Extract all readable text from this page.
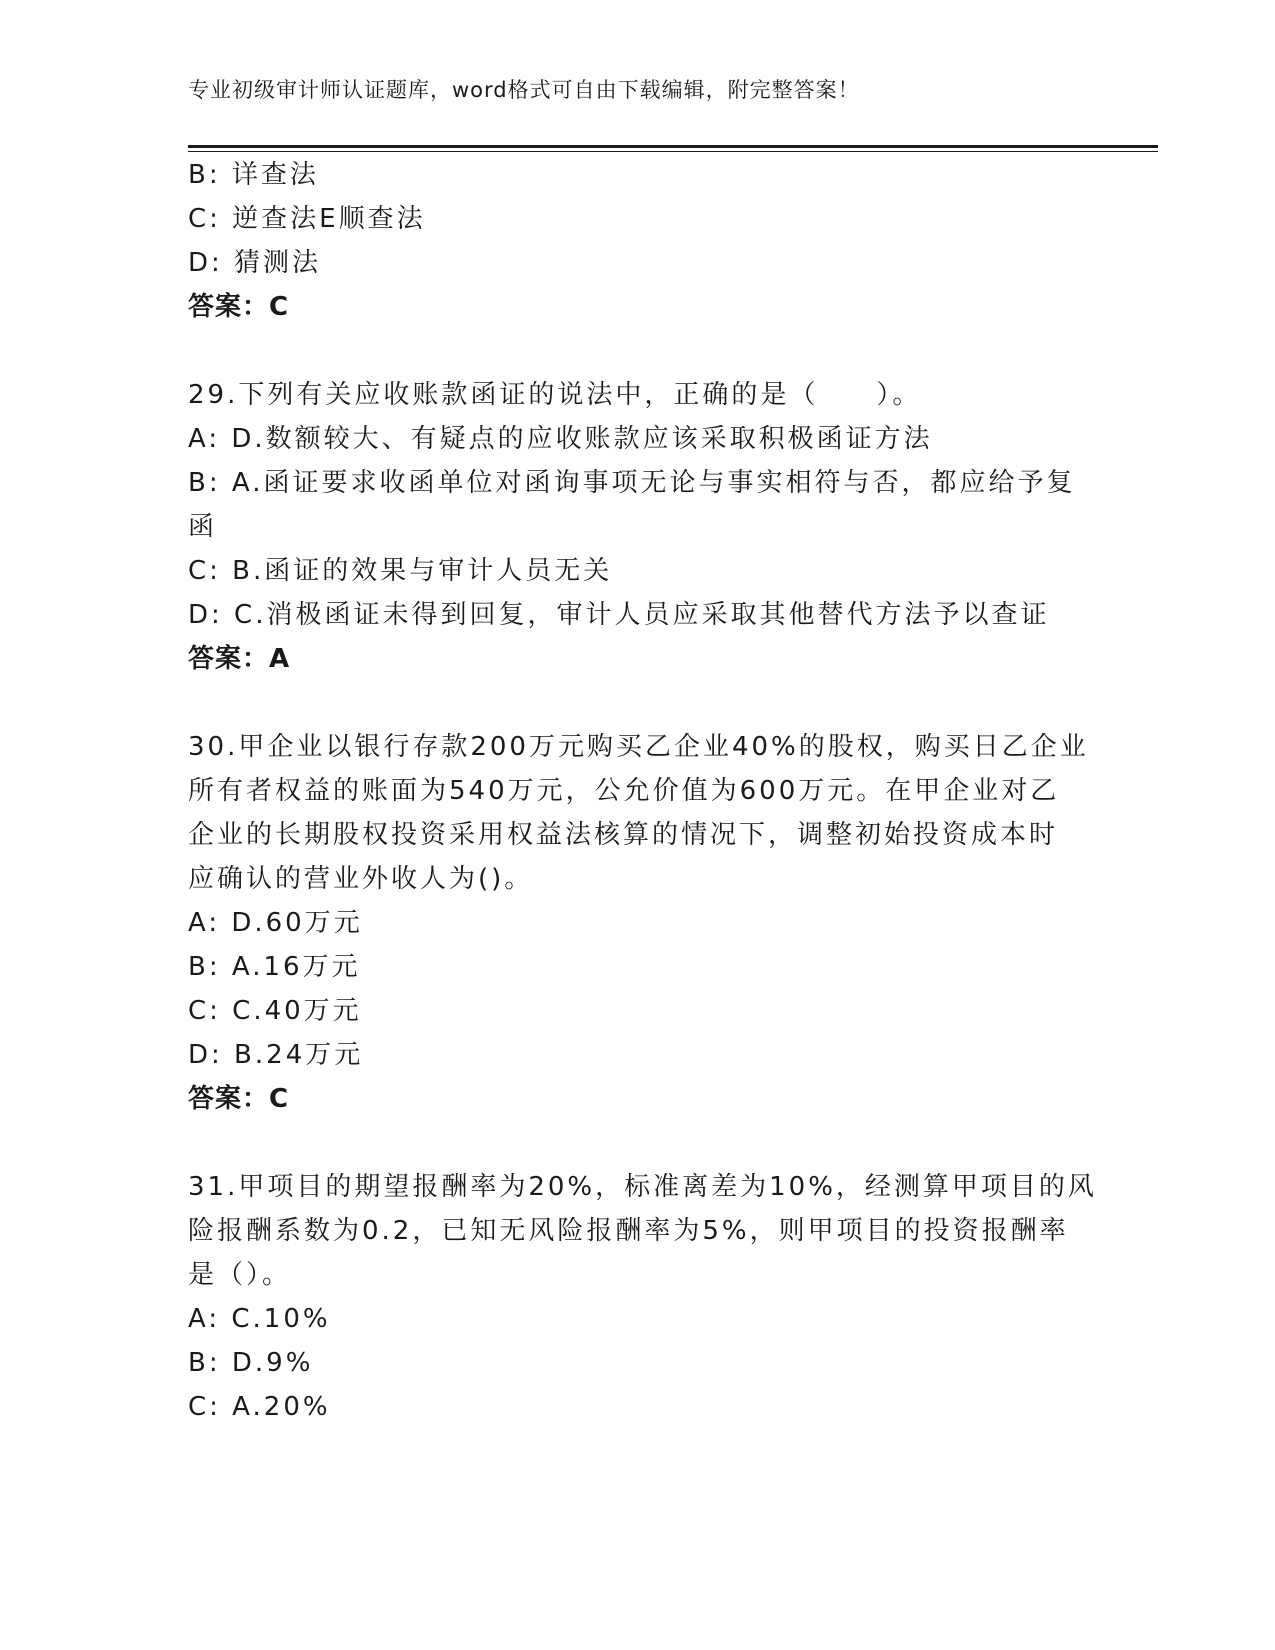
专业初级审计师认证题库，word格式可自由下载编辑，附完整答案！
B: 详查法
C: 逆查法E顺查法
D: 猜测法
答案：C
29.下列有关应收账款函证的说法中，正确的是（　　）。
A: D.数额较大、有疑点的应收账款应该采取积极函证方法
B: A.函证要求收函单位对函询事项无论与事实相符与否，都应给予复
函
C: B.函证的效果与审计人员无关
D: C.消极函证未得到回复，审计人员应采取其他替代方法予以查证
答案：A
30.甲企业以银行存款200万元购买乙企业40%的股权，购买日乙企业
所有者权益的账面为540万元，公允价值为600万元。在甲企业对乙
企业的长期股权投资采用权益法核算的情况下，调整初始投资成本时
应确认的营业外收人为()。
A: D.60万元
B: A.16万元
C: C.40万元
D: B.24万元
答案：C
31.甲项目的期望报酬率为20%，标准离差为10%，经测算甲项目的风
险报酬系数为0.2，已知无风险报酬率为5%，则甲项目的投资报酬率
是（）。
A: C.10%
B: D.9%
C: A.20%
